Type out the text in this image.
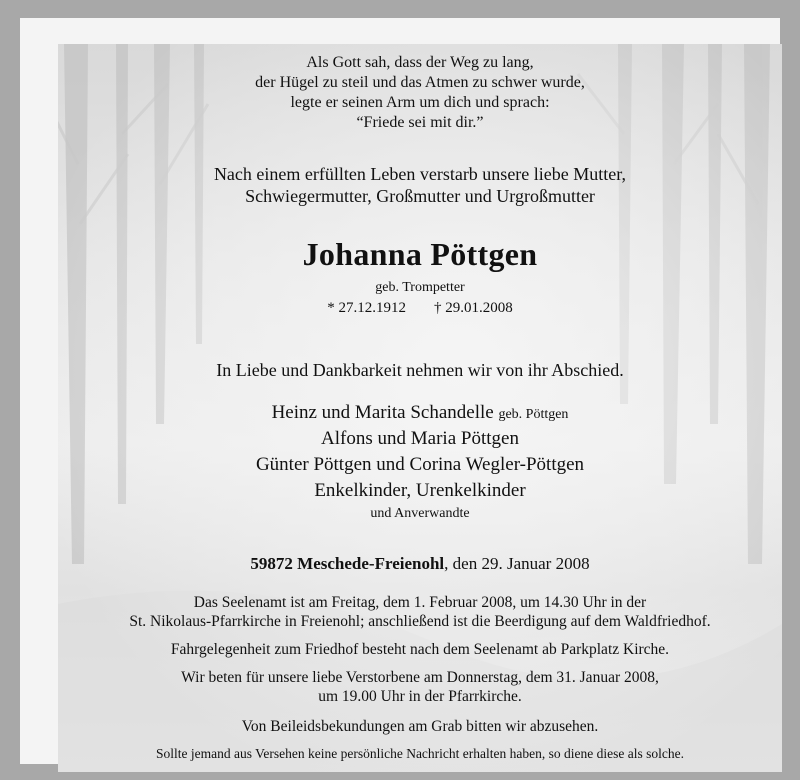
Als Gott sah, dass der Weg zu lang,
der Hügel zu steil und das Atmen zu schwer wurde,
legte er seinen Arm um dich und sprach:
“Friede sei mit dir.”
Nach einem erfüllten Leben verstarb unsere liebe Mutter,
Schwiegermutter, Großmutter und Urgroßmutter
Johanna Pöttgen
geb. Trompetter
* 27.12.1912 † 29.01.2008
In Liebe und Dankbarkeit nehmen wir von ihr Abschied.
Heinz und Marita Schandelle geb. Pöttgen
Alfons und Maria Pöttgen
Günter Pöttgen und Corina Wegler-Pöttgen
Enkelkinder, Urenkelkinder
und Anverwandte
59872 Meschede-Freienohl, den 29. Januar 2008
Das Seelenamt ist am Freitag, dem 1. Februar 2008, um 14.30 Uhr in der
St. Nikolaus-Pfarrkirche in Freienohl; anschließend ist die Beerdigung auf dem Waldfriedhof.
Fahrgelegenheit zum Friedhof besteht nach dem Seelenamt ab Parkplatz Kirche.
Wir beten für unsere liebe Verstorbene am Donnerstag, dem 31. Januar 2008,
um 19.00 Uhr in der Pfarrkirche.
Von Beileidsbekundungen am Grab bitten wir abzusehen.
Sollte jemand aus Versehen keine persönliche Nachricht erhalten haben, so diene diese als solche.
